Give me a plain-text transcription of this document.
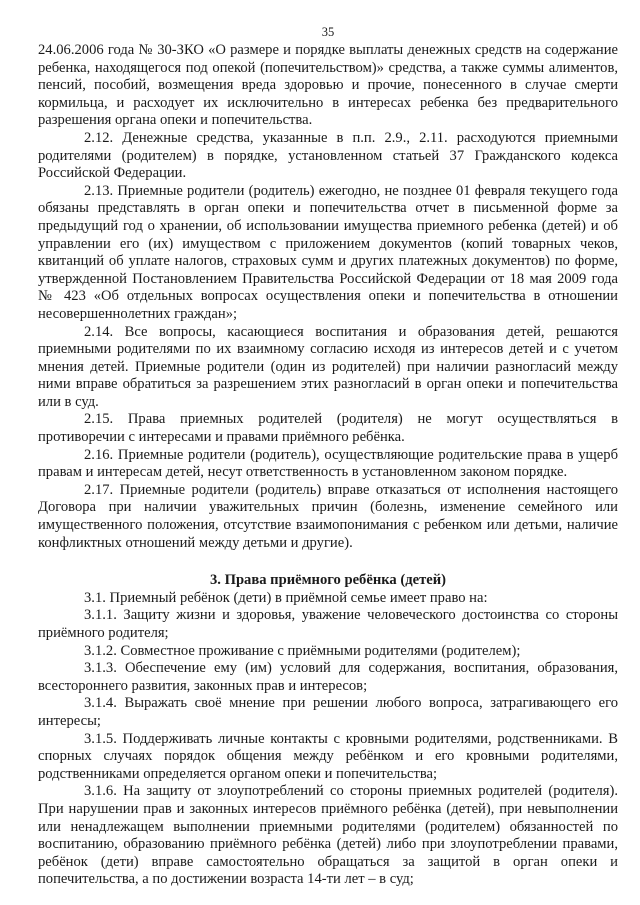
35

24.06.2006 года № 30-ЗКО «О размере и порядке выплаты денежных средств на содержание ребенка, находящегося под опекой (попечительством)» средства, а также суммы алиментов, пенсий, пособий, возмещения вреда здоровью и прочие, понесенного в случае смерти кормильца, и расходует их исключительно в интересах ребенка без предварительного разрешения органа опеки и попечительства.

2.12. Денежные средства, указанные в п.п. 2.9., 2.11. расходуются приемными родителями (родителем) в порядке, установленном статьей 37 Гражданского кодекса Российской Федерации.

2.13. Приемные родители (родитель) ежегодно, не позднее 01 февраля текущего года обязаны представлять в орган опеки и попечительства отчет в письменной форме за предыдущий год о хранении, об использовании имущества приемного ребенка (детей) и об управлении его (их) имуществом с приложением документов (копий товарных чеков, квитанций об уплате налогов, страховых сумм и других платежных документов) по форме, утвержденной Постановлением Правительства Российской Федерации от 18 мая 2009 года № 423 «Об отдельных вопросах осуществления опеки и попечительства в отношении несовершеннолетних граждан»;

2.14. Все вопросы, касающиеся воспитания и образования детей, решаются приемными родителями по их взаимному согласию исходя из интересов детей и с учетом мнения детей. Приемные родители (один из родителей) при наличии разногласий между ними вправе обратиться за разрешением этих разногласий в орган опеки и попечительства или в суд.

2.15. Права приемных родителей (родителя) не могут осуществляться в противоречии с интересами и правами приёмного ребёнка.

2.16. Приемные родители (родитель), осуществляющие родительские права в ущерб правам и интересам детей, несут ответственность в установленном законом порядке.

2.17. Приемные родители (родитель) вправе отказаться от исполнения настоящего Договора при наличии уважительных причин (болезнь, изменение семейного или имущественного положения, отсутствие взаимопонимания с ребенком или детьми, наличие конфликтных отношений между детьми и другие).

3. Права приёмного ребёнка (детей)

3.1. Приемный ребёнок (дети) в приёмной семье имеет право на:

3.1.1. Защиту жизни и здоровья, уважение человеческого достоинства со стороны приёмного родителя;

3.1.2. Совместное проживание с приёмными родителями (родителем);

3.1.3. Обеспечение ему (им) условий для содержания, воспитания, образования, всестороннего развития, законных прав и интересов;

3.1.4. Выражать своё мнение при решении любого вопроса, затрагивающего его интересы;

3.1.5. Поддерживать личные контакты с кровными родителями, родственниками. В спорных случаях порядок общения между ребёнком и его кровными родителями, родственниками определяется органом опеки и попечительства;

3.1.6. На защиту от злоупотреблений со стороны приемных родителей (родителя). При нарушении прав и законных интересов приёмного ребёнка (детей), при невыполнении или ненадлежащем выполнении приемными родителями (родителем) обязанностей по воспитанию, образованию приёмного ребёнка (детей) либо при злоупотреблении правами, ребёнок (дети) вправе самостоятельно обращаться за защитой в орган опеки и попечительства, а по достижении возраста 14-ти лет – в суд;
